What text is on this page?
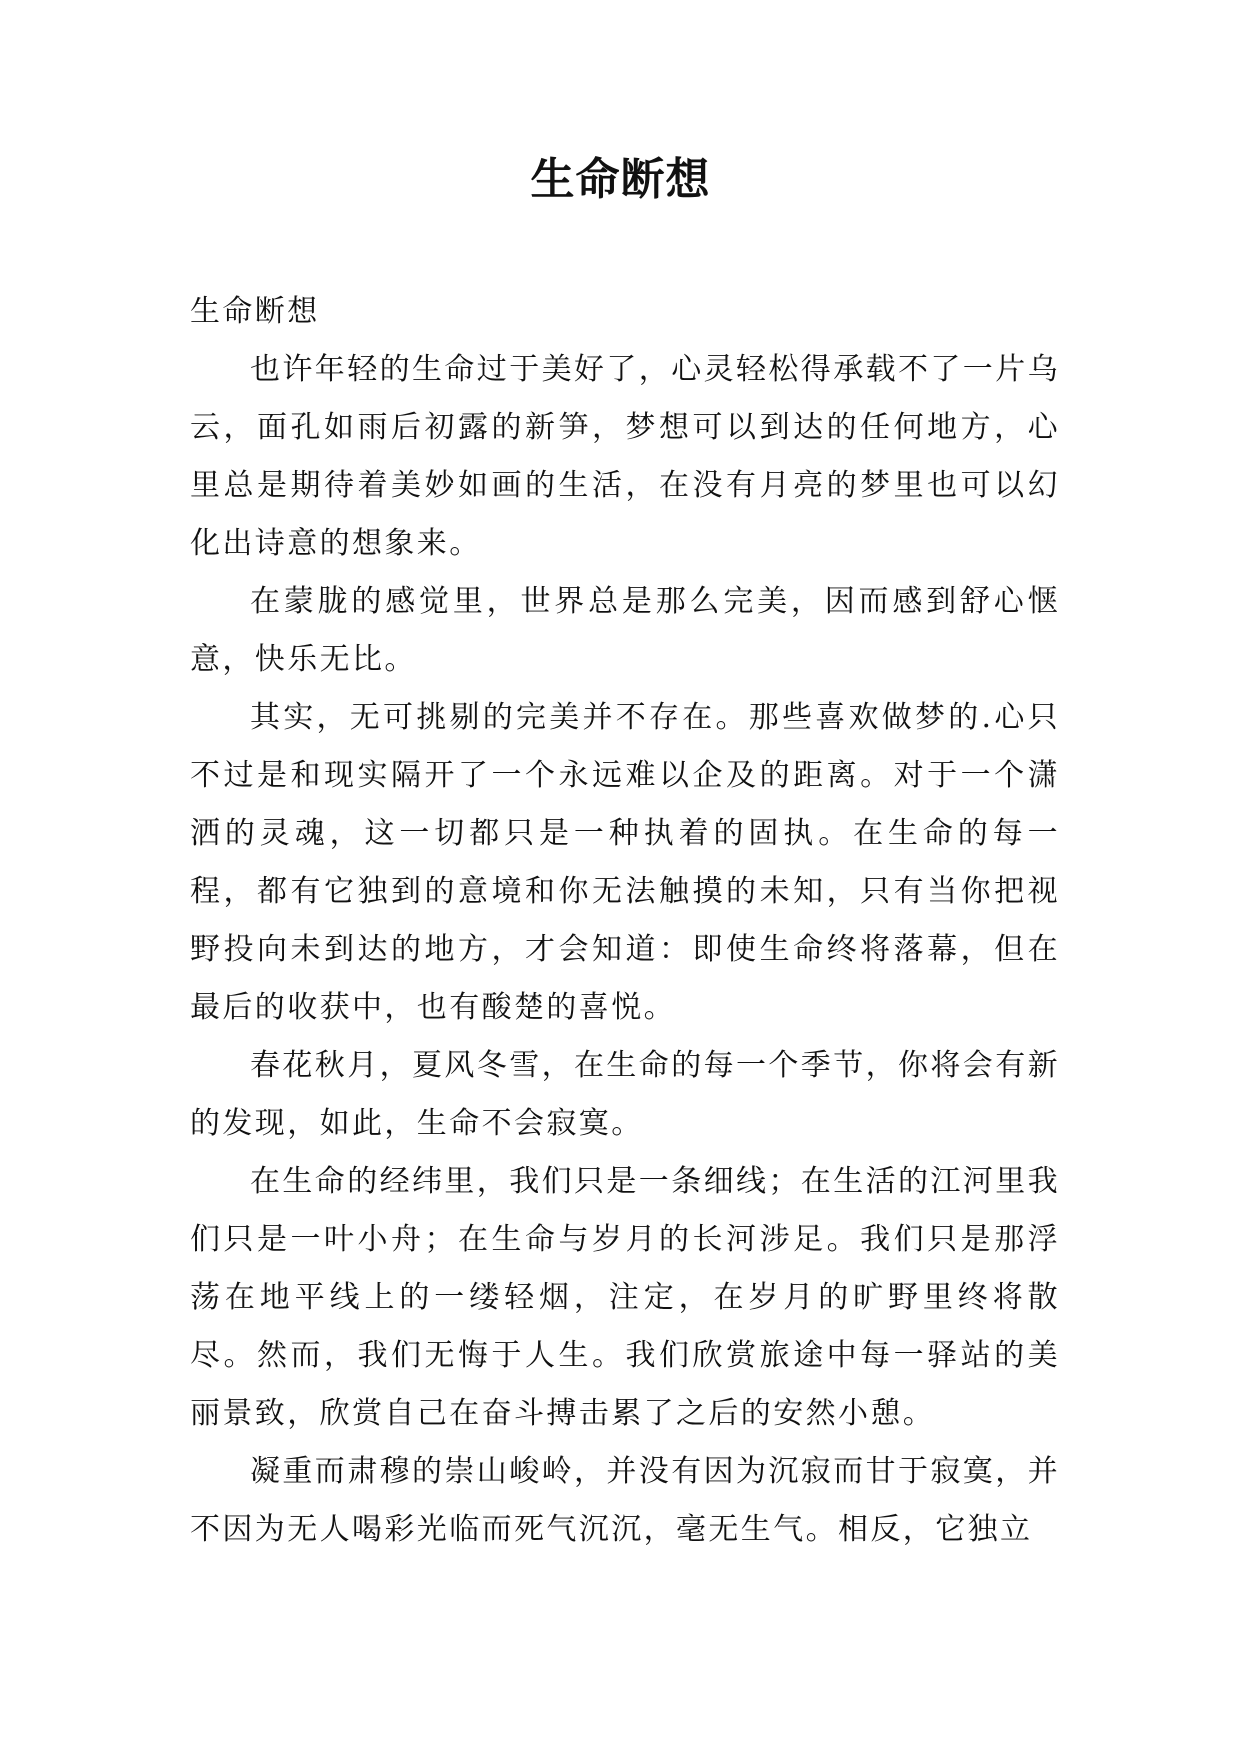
生命断想

生命断想

也许年轻的生命过于美好了，心灵轻松得承载不了一片乌云，面孔如雨后初露的新笋，梦想可以到达的任何地方，心里总是期待着美妙如画的生活，在没有月亮的梦里也可以幻化出诗意的想象来。

在蒙胧的感觉里，世界总是那么完美，因而感到舒心惬意，快乐无比。

其实，无可挑剔的完美并不存在。那些喜欢做梦的.心只不过是和现实隔开了一个永远难以企及的距离。对于一个潇洒的灵魂，这一切都只是一种执着的固执。在生命的每一程，都有它独到的意境和你无法触摸的未知，只有当你把视野投向未到达的地方，才会知道：即使生命终将落幕，但在最后的收获中，也有酸楚的喜悦。

春花秋月，夏风冬雪，在生命的每一个季节，你将会有新的发现，如此，生命不会寂寞。

在生命的经纬里，我们只是一条细线；在生活的江河里我们只是一叶小舟；在生命与岁月的长河涉足。我们只是那浮荡在地平线上的一缕轻烟，注定，在岁月的旷野里终将散尽。然而，我们无悔于人生。我们欣赏旅途中每一驿站的美丽景致，欣赏自己在奋斗搏击累了之后的安然小憩。

凝重而肃穆的崇山峻岭，并没有因为沉寂而甘于寂寞，并不因为无人喝彩光临而死气沉沉，毫无生气。相反，它独立
